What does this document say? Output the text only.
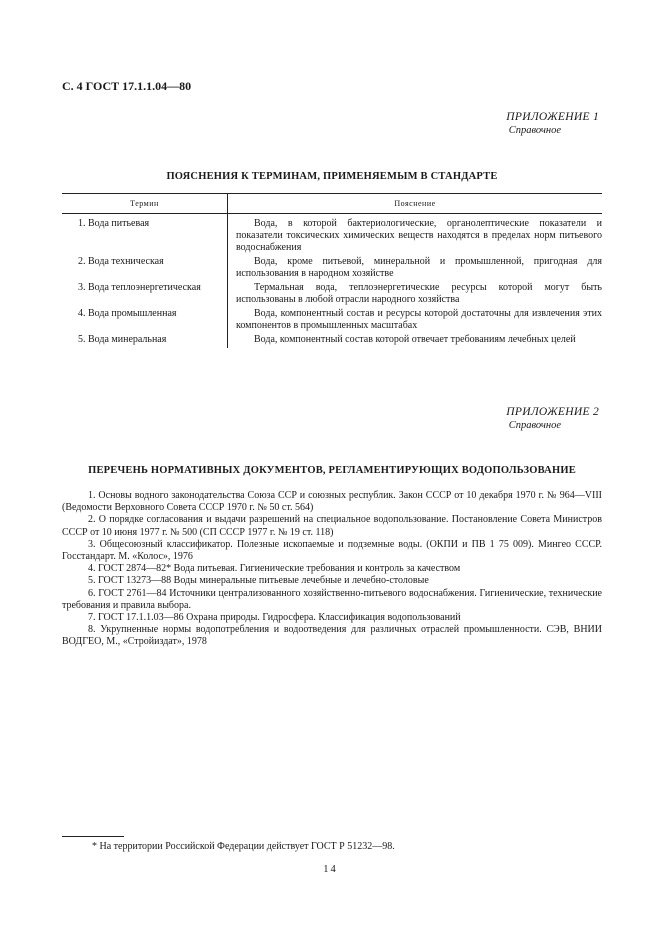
С. 4 ГОСТ 17.1.1.04—80
ПРИЛОЖЕНИЕ 1
Справочное
ПОЯСНЕНИЯ К ТЕРМИНАМ, ПРИМЕНЯЕМЫМ В СТАНДАРТЕ
Термин	Пояснение
1. Вода питьевая	Вода, в которой бактериологические, органолептические показатели и показатели токсических химических веществ находятся в пределах норм питьевого водоснабжения
2. Вода техническая	Вода, кроме питьевой, минеральной и промышленной, пригодная для использования в народном хозяйстве
3. Вода теплоэнергетическая	Термальная вода, теплоэнергетические ресурсы которой могут быть использованы в любой отрасли народного хозяйства
4. Вода промышленная	Вода, компонентный состав и ресурсы которой достаточны для извлечения этих компонентов в промышленных масштабах
5. Вода минеральная	Вода, компонентный состав которой отвечает требованиям лечебных целей
ПРИЛОЖЕНИЕ 2
Справочное
ПЕРЕЧЕНЬ НОРМАТИВНЫХ ДОКУМЕНТОВ, РЕГЛАМЕНТИРУЮЩИХ ВОДОПОЛЬЗОВАНИЕ

1. Основы водного законодательства Союза ССР и союзных республик. Закон СССР от 10 декабря 1970 г. № 964—VIII (Ведомости Верховного Совета СССР 1970 г. № 50 ст. 564)

2. О порядке согласования и выдачи разрешений на специальное водопользование. Постановление Совета Министров СССР от 10 июня 1977 г. № 500 (СП СССР 1977 г. № 19 ст. 118)

3. Общесоюзный классификатор. Полезные ископаемые и подземные воды. (ОКПИ и ПВ 1 75 009). Мингео СССР. Госстандарт. М. «Колос», 1976

4. ГОСТ 2874—82* Вода питьевая. Гигиенические требования и контроль за качеством

5. ГОСТ 13273—88 Воды минеральные питьевые лечебные и лечебно-столовые

6. ГОСТ 2761—84 Источники централизованного хозяйственно-питьевого водоснабжения. Гигиенические, технические требования и правила выбора.

7. ГОСТ 17.1.1.03—86 Охрана природы. Гидросфера. Классификация водопользований

8. Укрупненные нормы водопотребления и водоотведения для различных отраслей промышленности. СЭВ, ВНИИ ВОДГЕО, М., «Стройиздат», 1978

* На территории Российской Федерации действует ГОСТ Р 51232—98.
14
